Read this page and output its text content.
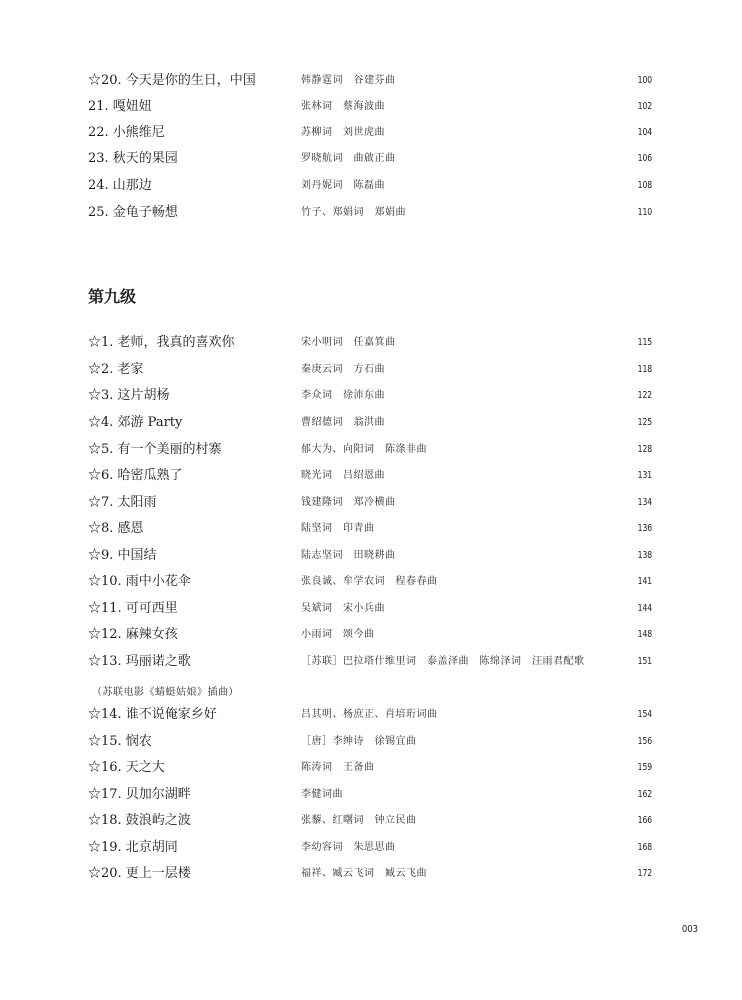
☆20. 今天是你的生日，中国	韩静霆词　谷建芬曲	100
21. 嘎妞妞	张林词　蔡海波曲	102
22. 小熊维尼	苏柳词　刘世虎曲	104
23. 秋天的果园	罗晓航词　曲啟正曲	106
24. 山那边	刘丹妮词　陈磊曲	108
25. 金龟子畅想	竹子、郑娟词　郑娟曲	110
第九级
☆1. 老师，我真的喜欢你	宋小明词　任嘉箕曲	115
☆2. 老家	秦庚云词　方石曲	118
☆3. 这片胡杨	李众词　徐沛东曲	122
☆4. 郊游 Party	曹绍德词　翁洪曲	125
☆5. 有一个美丽的村寨	郁大为、向阳词　陈涤非曲	128
☆6. 哈密瓜熟了	晓光词　吕绍恩曲	131
☆7. 太阳雨	钱建隆词　郑冷横曲	134
☆8. 感恩	陆坚词　印青曲	136
☆9. 中国结	陆志坚词　田晓耕曲	138
☆10. 雨中小花伞	张良诚、牟学农词　程春春曲	141
☆11. 可可西里	吴斌词　宋小兵曲	144
☆12. 麻辣女孩	小雨词　颂今曲	148
☆13. 玛丽诺之歌	［苏联］巴拉塔什维里词　泰盖泽曲　陈绵泽词　汪雨君配歌	151
（苏联电影《蜻蜓姑娘》插曲）
☆14. 谁不说俺家乡好	吕其明、杨庶正、肖培珩词曲	154
☆15. 悯农	［唐］李绅诗　徐锡宜曲	156
☆16. 天之大	陈涛词　王备曲	159
☆17. 贝加尔湖畔	李健词曲	162
☆18. 鼓浪屿之波	张藜、红曙词　钟立民曲	166
☆19. 北京胡同	李幼容词　朱思思曲	168
☆20. 更上一层楼	福祥、臧云飞词　臧云飞曲	172
003
